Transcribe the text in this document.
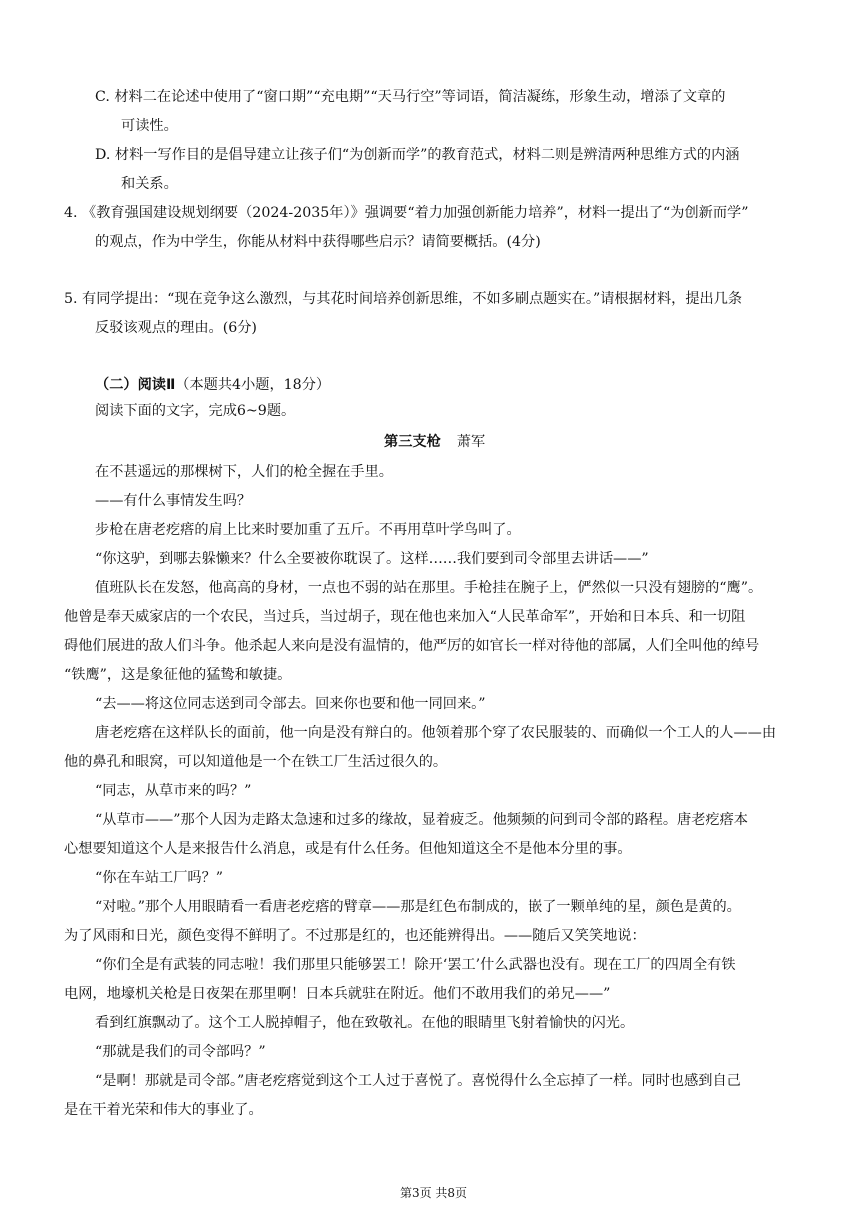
C. 材料二在论述中使用了“窗口期”“充电期”“天马行空”等词语，简洁凝练，形象生动，增添了文章的
可读性。
D. 材料一写作目的是倡导建立让孩子们“为创新而学”的教育范式，材料二则是辨清两种思维方式的内涵
和关系。
4. 《教育强国建设规划纲要（2024-2035年）》强调要“着力加强创新能力培养”，材料一提出了“为创新而学”
的观点，作为中学生，你能从材料中获得哪些启示？请简要概括。(4分)
5. 有同学提出：“现在竞争这么激烈，与其花时间培养创新思维，不如多刷点题实在。”请根据材料，提出几条
反驳该观点的理由。(6分)
（二）阅读Ⅱ（本题共4小题，18分）
阅读下面的文字，完成6~9题。
第三支枪 萧军
在不甚遥远的那棵树下，人们的枪全握在手里。
——有什么事情发生吗？
步枪在唐老疙瘩的肩上比来时要加重了五斤。不再用草叶学鸟叫了。
“你这驴，到哪去躲懒来？什么全要被你耽误了。这样……我们要到司令部里去讲话——”
值班队长在发怒，他高高的身材，一点也不弱的站在那里。手枪挂在腕子上，俨然似一只没有翅膀的“鹰”。
他曾是奉天威家店的一个农民，当过兵，当过胡子，现在他也来加入“人民革命军”，开始和日本兵、和一切阻
碍他们展进的敌人们斗争。他杀起人来向是没有温情的，他严厉的如官长一样对待他的部属，人们全叫他的绰号
“铁鹰”，这是象征他的猛鸷和敏捷。
“去——将这位同志送到司令部去。回来你也要和他一同回来。”
唐老疙瘩在这样队长的面前，他一向是没有辩白的。他领着那个穿了农民服装的、而确似一个工人的人——由
他的鼻孔和眼窝，可以知道他是一个在铁工厂生活过很久的。
“同志，从草市来的吗？”
“从草市——”那个人因为走路太急速和过多的缘故，显着疲乏。他频频的问到司令部的路程。唐老疙瘩本
心想要知道这个人是来报告什么消息，或是有什么任务。但他知道这全不是他本分里的事。
“你在车站工厂吗？”
“对啦。”那个人用眼睛看一看唐老疙瘩的臂章——那是红色布制成的，嵌了一颗单纯的星，颜色是黄的。
为了风雨和日光，颜色变得不鲜明了。不过那是红的，也还能辨得出。——随后又笑笑地说：
“你们全是有武装的同志啦！我们那里只能够罢工！除开‘罢工’什么武器也没有。现在工厂的四周全有铁
电网，地壕机关枪是日夜架在那里啊！日本兵就驻在附近。他们不敢用我们的弟兄——”
看到红旗飘动了。这个工人脱掉帽子，他在致敬礼。在他的眼睛里飞射着愉快的闪光。
“那就是我们的司令部吗？”
“是啊！那就是司令部。”唐老疙瘩觉到这个工人过于喜悦了。喜悦得什么全忘掉了一样。同时也感到自己
是在干着光荣和伟大的事业了。
第3页 共8页
